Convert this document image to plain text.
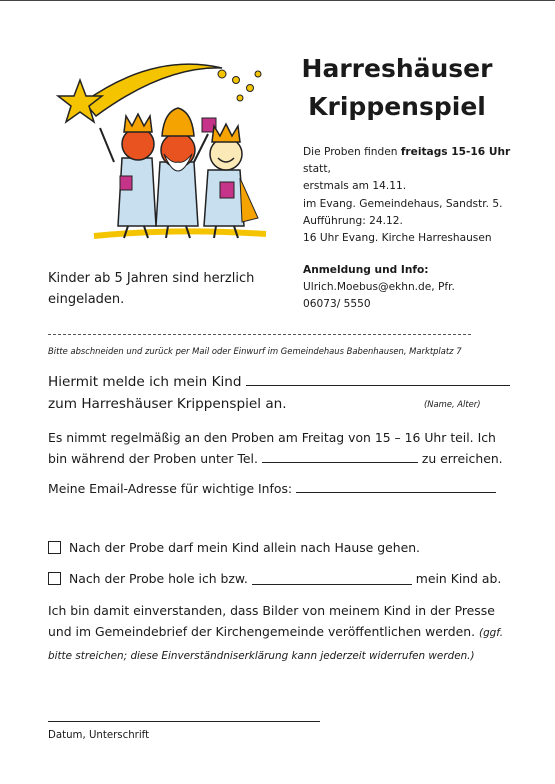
Harreshäuser
Krippenspiel
Die Proben finden freitags 15-16 Uhr
statt,
erstmals am 14.11.
im Evang. Gemeindehaus, Sandstr. 5.
Aufführung: 24.12.
16 Uhr Evang. Kirche Harreshausen
Anmeldung und Info:
Ulrich.Moebus@ekhn.de, Pfr.
06073/ 5550
Kinder ab 5 Jahren sind herzlich eingeladen.
Bitte abschneiden und zurück per Mail oder Einwurf im Gemeindehaus Babenhausen, Marktplatz 7
Hiermit melde ich mein Kind
zum Harreshäuser Krippenspiel an.	(Name, Alter)
Es nimmt regelmäßig an den Proben am Freitag von 15 – 16 Uhr teil. Ich
bin während der Proben unter Tel.	zu erreichen.
Meine Email-Adresse für wichtige Infos:
Nach der Probe darf mein Kind allein nach Hause gehen.
Nach der Probe hole ich bzw.

	mein Kind ab.
Ich bin damit einverstanden, dass Bilder von meinem Kind in der Presse und im Gemeindebrief der Kirchengemeinde veröffentlichen werden. (ggf. bitte streichen; diese Einverständniserklärung kann jederzeit widerrufen werden.)
Datum, Unterschrift
